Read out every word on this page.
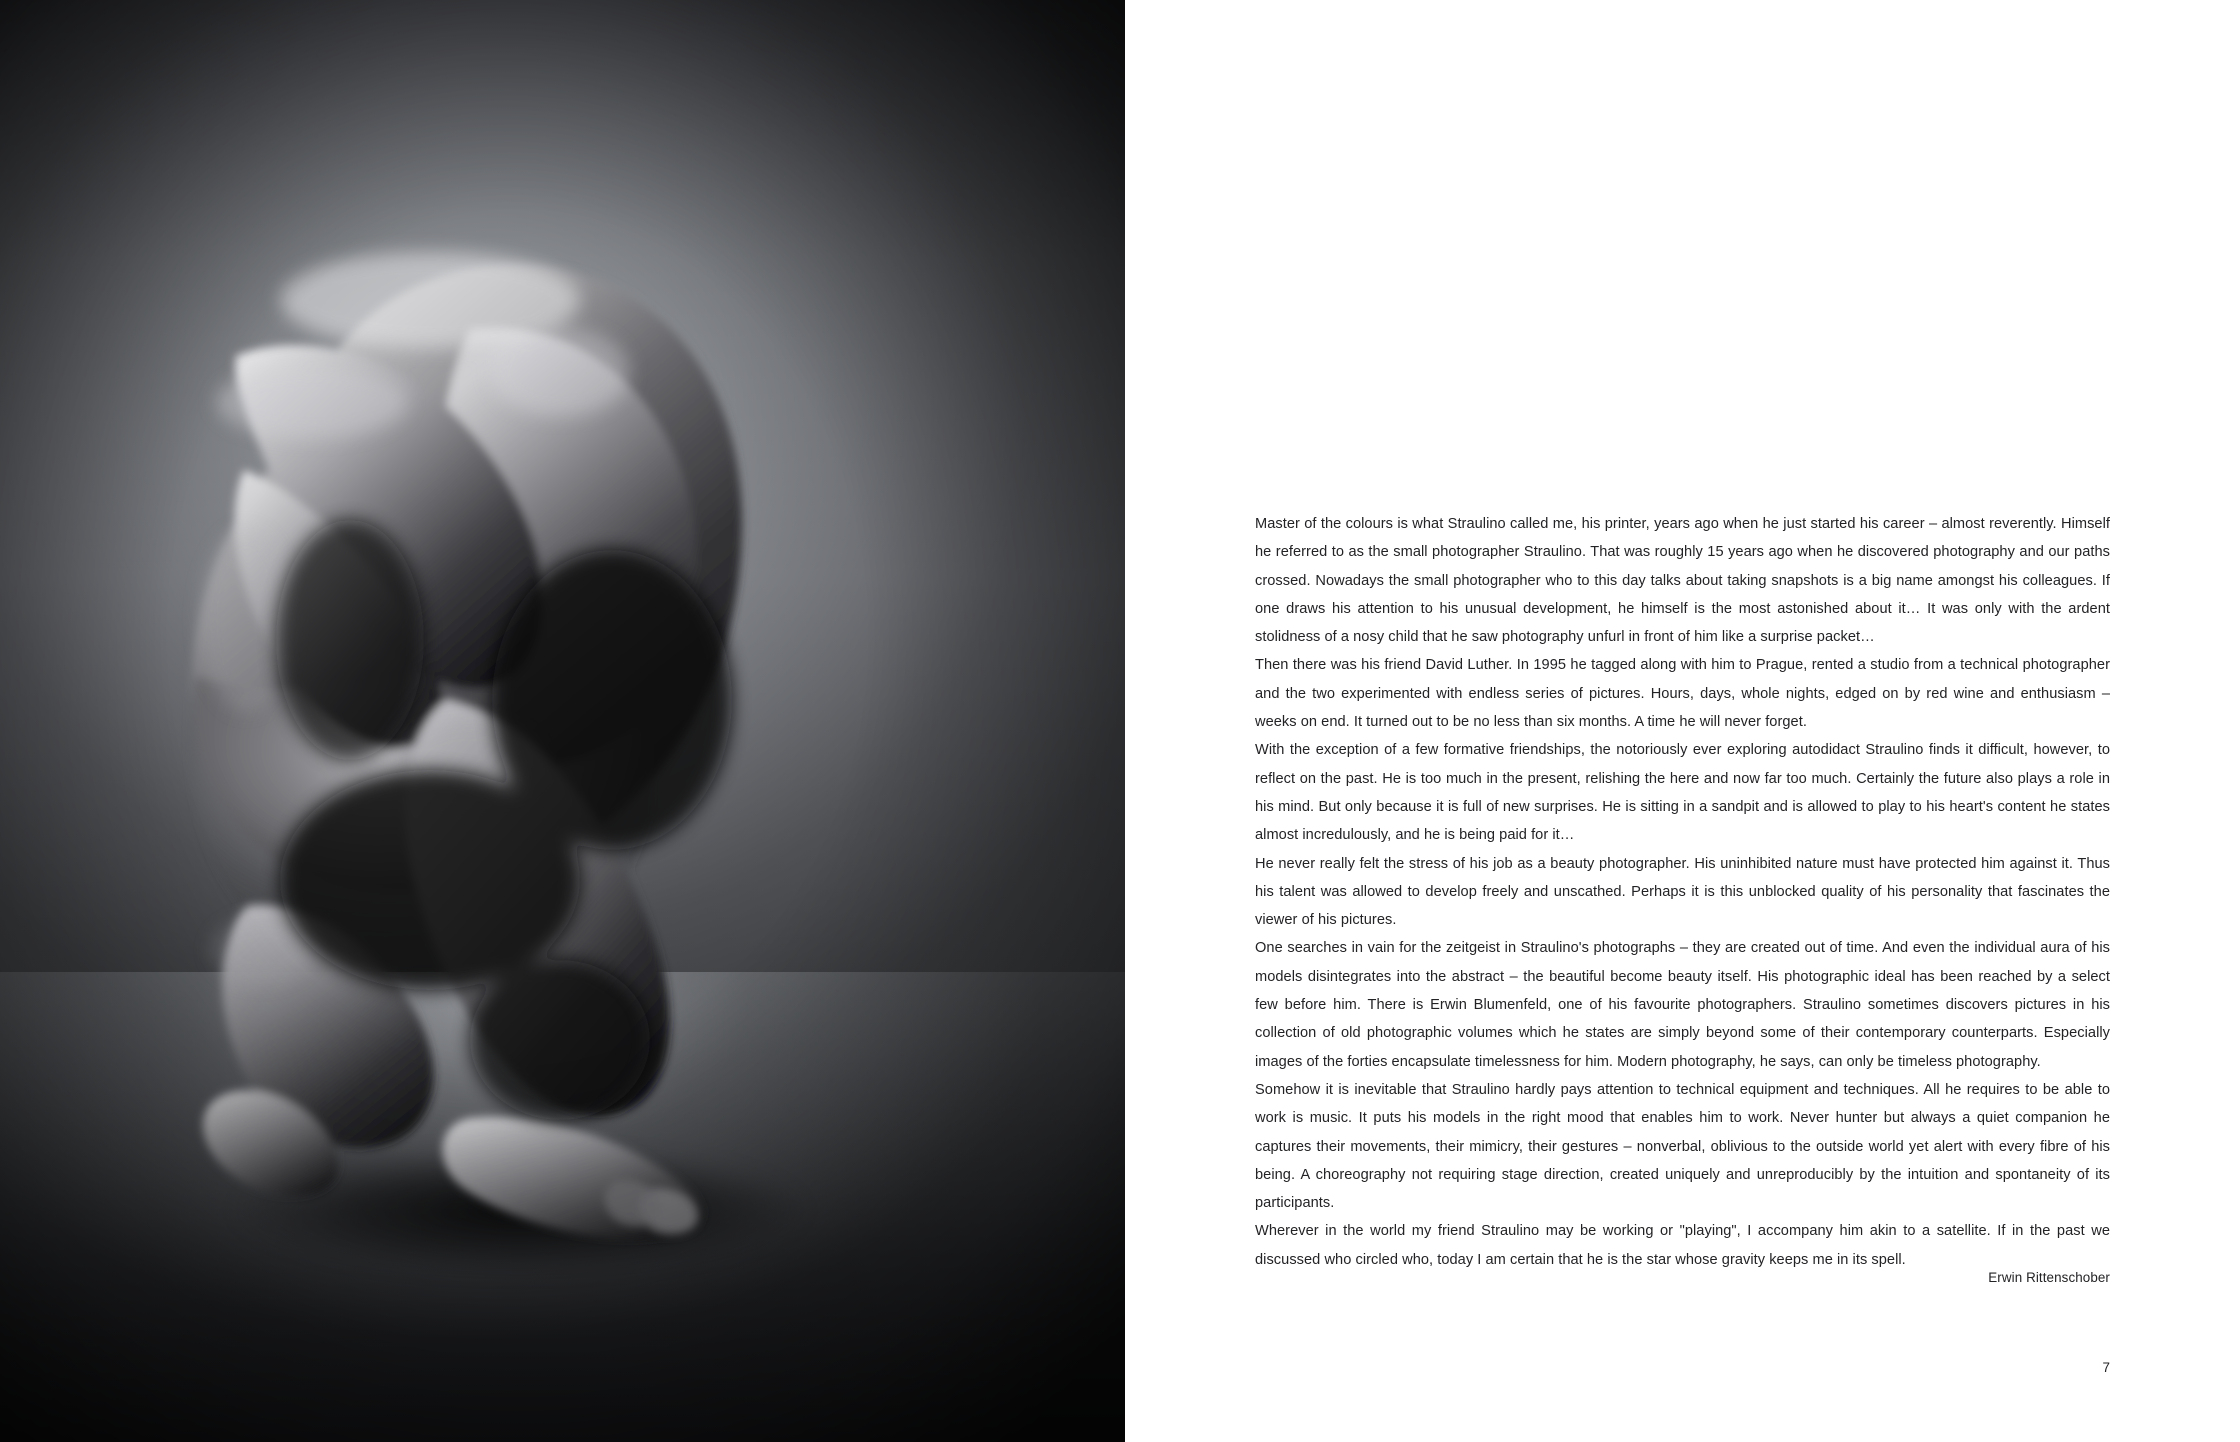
Master of the colours is what Straulino called me, his printer, years ago when he just started his career – almost reverently. Himself he referred to as the small photographer Straulino. That was roughly 15 years ago when he discovered photography and our paths crossed. Nowadays the small photographer who to this day talks about taking snapshots is a big name amongst his colleagues. If one draws his attention to his unusual development, he himself is the most astonished about it… It was only with the ardent stolidness of a nosy child that he saw photography unfurl in front of him like a surprise packet…

Then there was his friend David Luther. In 1995 he tagged along with him to Prague, rented a studio from a technical photographer and the two experimented with endless series of pictures. Hours, days, whole nights, edged on by red wine and enthusiasm – weeks on end. It turned out to be no less than six months. A time he will never forget.

With the exception of a few formative friendships, the notoriously ever exploring autodidact Straulino finds it difficult, however, to reflect on the past. He is too much in the present, relishing the here and now far too much. Certainly the future also plays a role in his mind. But only because it is full of new surprises. He is sitting in a sandpit and is allowed to play to his heart's content he states almost incredulously, and he is being paid for it…

He never really felt the stress of his job as a beauty photographer. His uninhibited nature must have protected him against it. Thus his talent was allowed to develop freely and unscathed. Perhaps it is this unblocked quality of his personality that fascinates the viewer of his pictures.

One searches in vain for the zeitgeist in Straulino's photographs – they are created out of time. And even the individual aura of his models disintegrates into the abstract – the beautiful become beauty itself. His photographic ideal has been reached by a select few before him. There is Erwin Blumenfeld, one of his favourite photographers. Straulino sometimes discovers pictures in his collection of old photographic volumes which he states are simply beyond some of their contemporary counterparts. Especially images of the forties encapsulate timelessness for him. Modern photography, he says, can only be timeless photography.

Somehow it is inevitable that Straulino hardly pays attention to technical equipment and techniques. All he requires to be able to work is music. It puts his models in the right mood that enables him to work. Never hunter but always a quiet companion he captures their movements, their mimicry, their gestures – nonverbal, oblivious to the outside world yet alert with every fibre of his being. A choreography not requiring stage direction, created uniquely and unreproducibly by the intuition and spontaneity of its participants.

Wherever in the world my friend Straulino may be working or "playing", I accompany him akin to a satellite. If in the past we discussed who circled who, today I am certain that he is the star whose gravity keeps me in its spell.

Erwin Rittenschober
7
